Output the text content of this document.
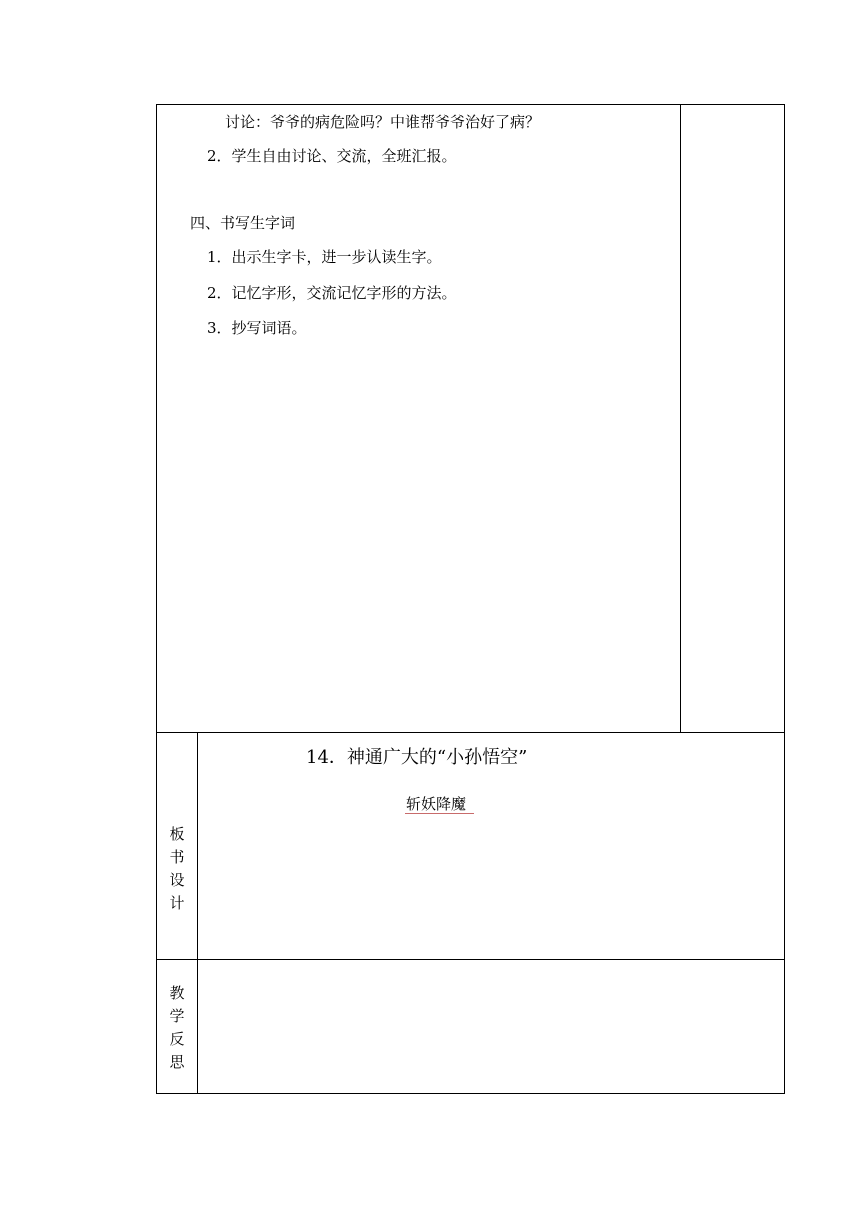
讨论：爷爷的病危险吗？中谁帮爷爷治好了病？
2．学生自由讨论、交流，全班汇报。
四、书写生字词
1．出示生字卡，进一步认读生字。
2．记忆字形，交流记忆字形的方法。
3．抄写词语。
板
书
设
计
14．神通广大的“小孙悟空”
斩妖降魔
教
学
反
思
